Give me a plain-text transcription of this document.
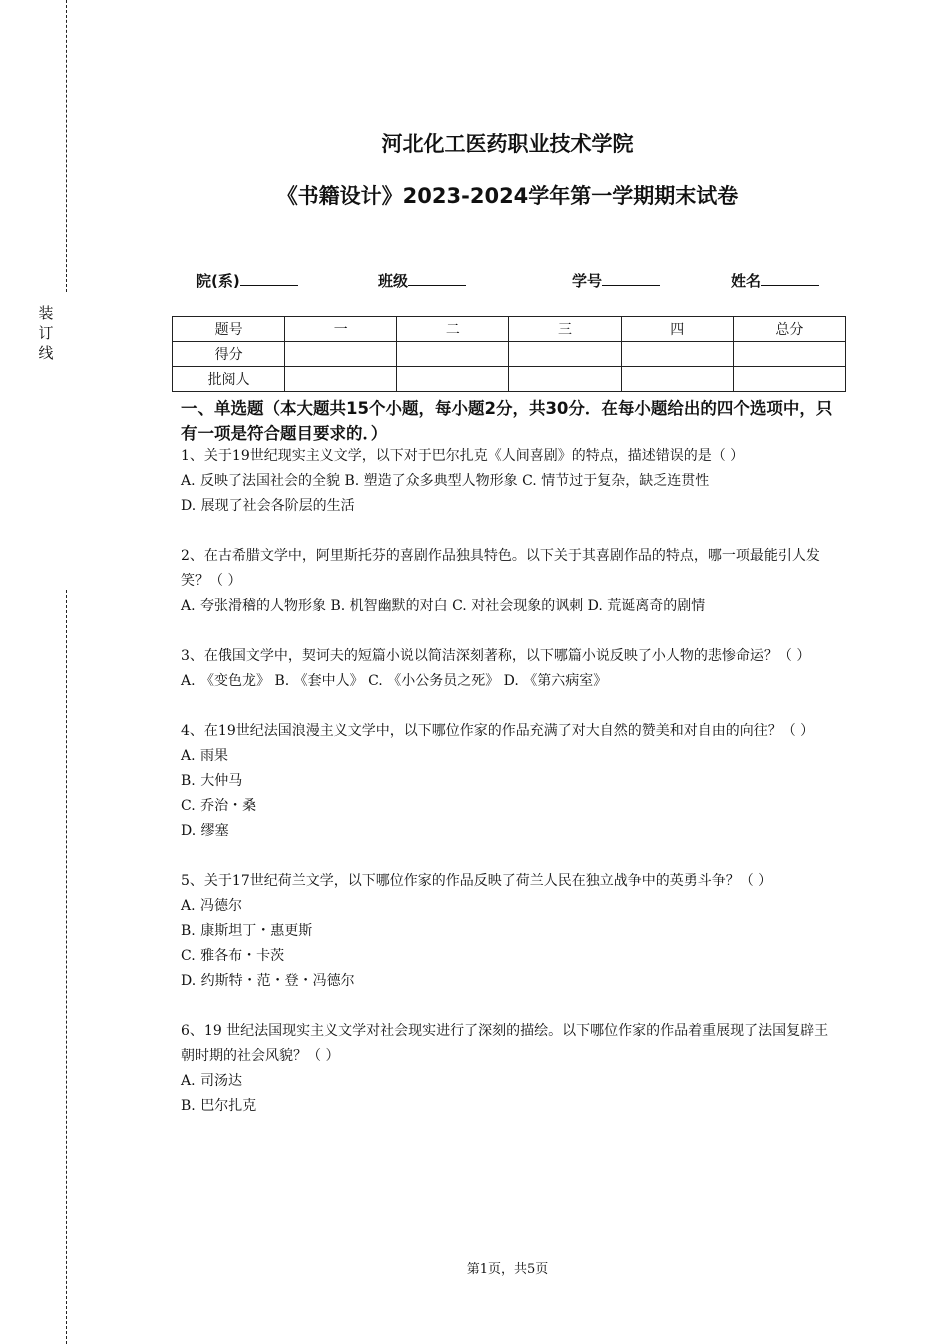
装订线
河北化工医药职业技术学院
《书籍设计》2023-2024学年第一学期期末试卷
院(系)	班级	学号	姓名
题号	一	二	三	四	总分
得分					
批阅人					
一、单选题（本大题共15个小题，每小题2分，共30分．在每小题给出的四个选项中，只有一项是符合题目要求的．）
1、关于19世纪现实主义文学，以下对于巴尔扎克《人间喜剧》的特点，描述错误的是（ ）
A. 反映了法国社会的全貌 B. 塑造了众多典型人物形象 C. 情节过于复杂，缺乏连贯性
D. 展现了社会各阶层的生活
2、在古希腊文学中，阿里斯托芬的喜剧作品独具特色。以下关于其喜剧作品的特点，哪一项最能引人发笑？（ ）
A. 夸张滑稽的人物形象 B. 机智幽默的对白 C. 对社会现象的讽刺 D. 荒诞离奇的剧情
3、在俄国文学中，契诃夫的短篇小说以简洁深刻著称，以下哪篇小说反映了小人物的悲惨命运？（ ）
A. 《变色龙》 B. 《套中人》 C. 《小公务员之死》 D. 《第六病室》
4、在19世纪法国浪漫主义文学中，以下哪位作家的作品充满了对大自然的赞美和对自由的向往？（ ）
A. 雨果
B. 大仲马
C. 乔治・桑
D. 缪塞
5、关于17世纪荷兰文学，以下哪位作家的作品反映了荷兰人民在独立战争中的英勇斗争？（ ）
A. 冯德尔
B. 康斯坦丁・惠更斯
C. 雅各布・卡茨
D. 约斯特・范・登・冯德尔
6、19 世纪法国现实主义文学对社会现实进行了深刻的描绘。以下哪位作家的作品着重展现了法国复辟王朝时期的社会风貌？（ ）
A. 司汤达
B. 巴尔扎克
第1页，共5页
